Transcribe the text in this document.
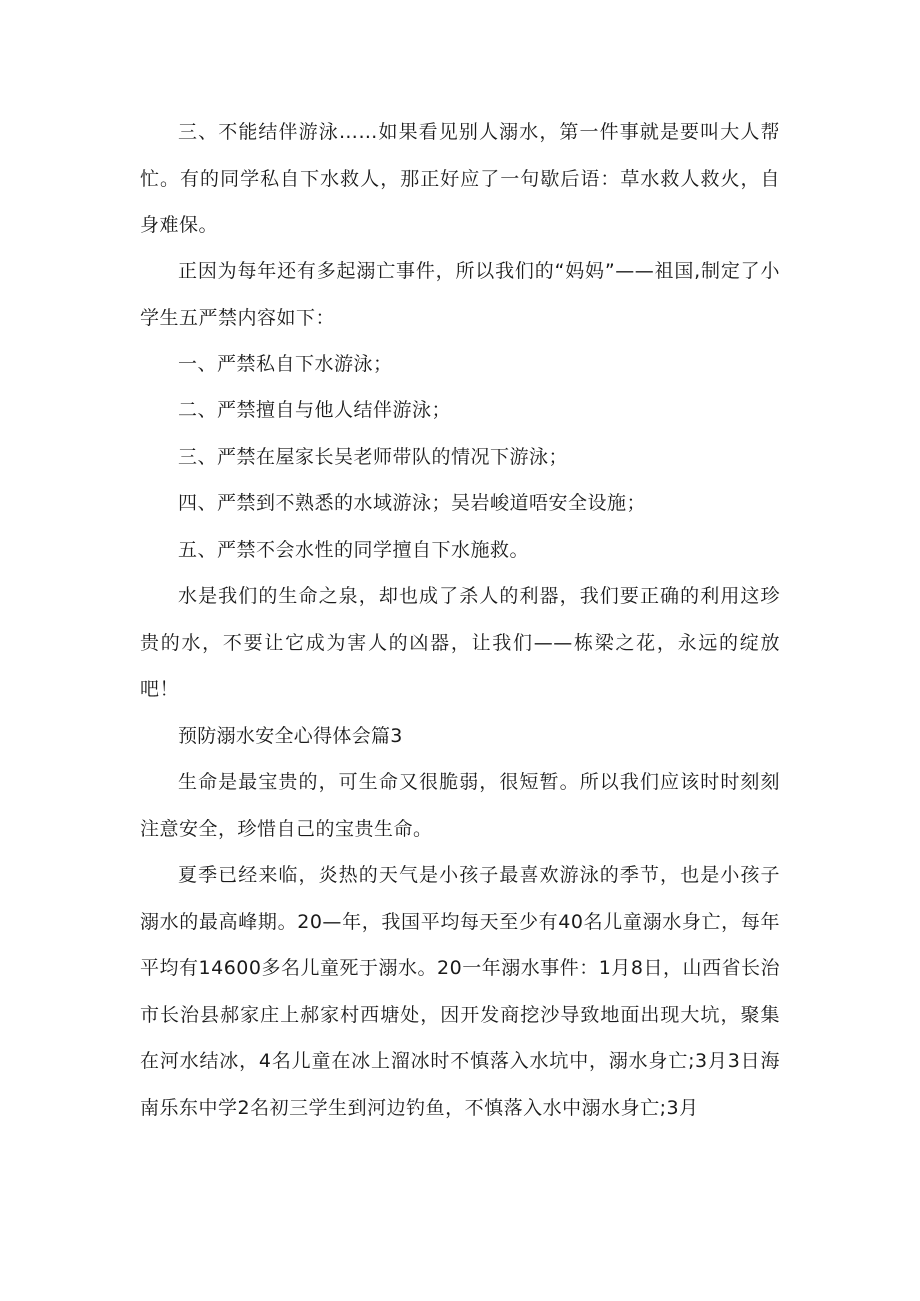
三、不能结伴游泳……如果看见别人溺水，第一件事就是要叫大人帮忙。有的同学私自下水救人，那正好应了一句歇后语：草水救人救火，自身难保。

正因为每年还有多起溺亡事件，所以我们的“妈妈”——祖国,制定了小学生五严禁内容如下：

一、严禁私自下水游泳；

二、严禁擅自与他人结伴游泳；

三、严禁在屋家长吴老师带队的情况下游泳；

四、严禁到不熟悉的水域游泳；吴岩峻道唔安全设施；

五、严禁不会水性的同学擅自下水施救。

水是我们的生命之泉，却也成了杀人的利器，我们要正确的利用这珍贵的水，不要让它成为害人的凶器，让我们——栋梁之花，永远的绽放吧！

预防溺水安全心得体会篇3

生命是最宝贵的，可生命又很脆弱，很短暂。所以我们应该时时刻刻注意安全，珍惜自己的宝贵生命。

夏季已经来临，炎热的天气是小孩子最喜欢游泳的季节，也是小孩子溺水的最高峰期。20—年，我国平均每天至少有40名儿童溺水身亡，每年平均有14600多名儿童死于溺水。20一年溺水事件：1月8日，山西省长治市长治县郝家庄上郝家村西塘处，因开发商挖沙导致地面出现大坑，聚集在河水结冰，4名儿童在冰上溜冰时不慎落入水坑中，溺水身亡;3月3日海南乐东中学2名初三学生到河边钓鱼，不慎落入水中溺水身亡;3月
